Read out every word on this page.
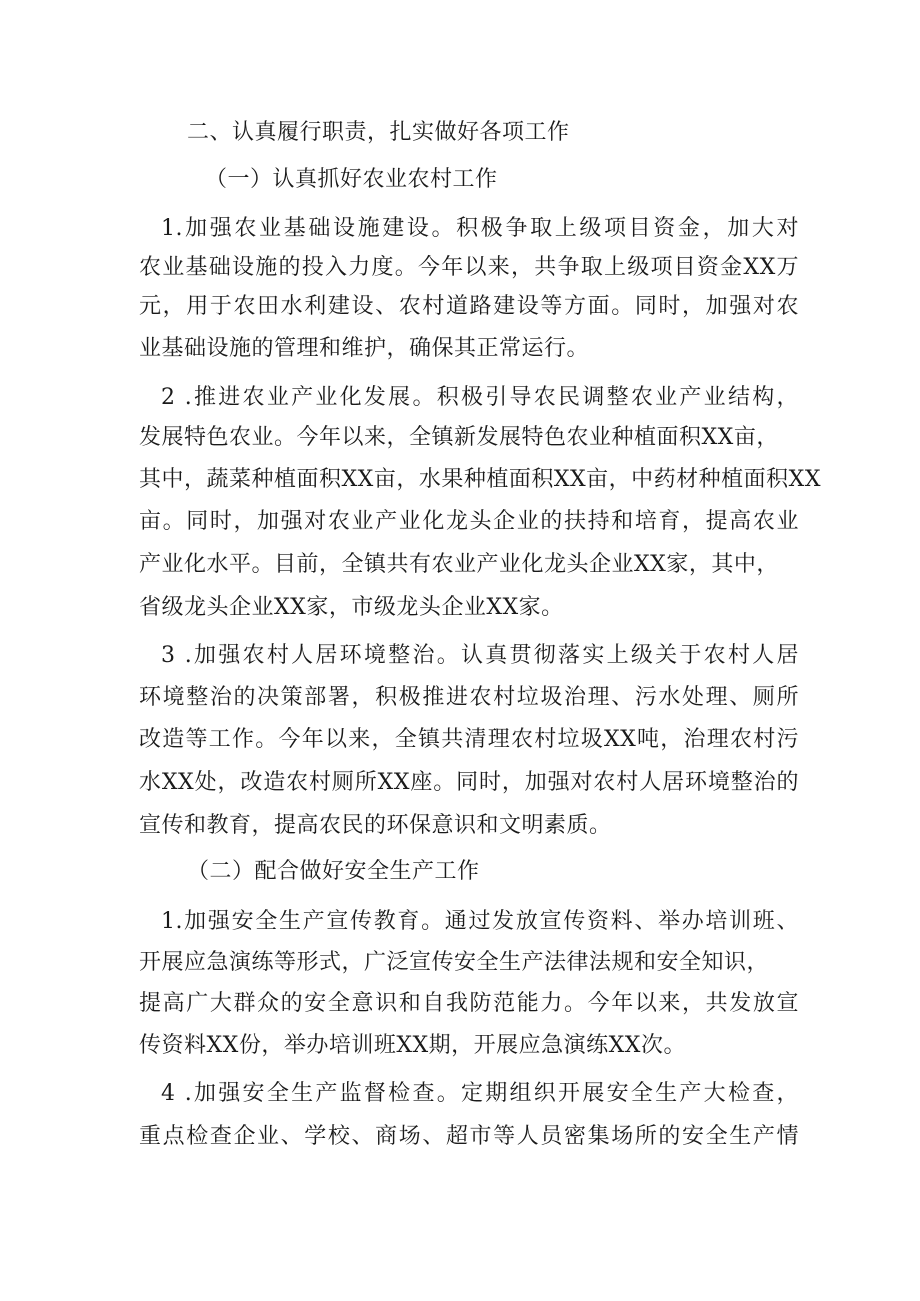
二、认真履行职责，扎实做好各项工作
（一）认真抓好农业农村工作
1.加强农业基础设施建设。积极争取上级项目资金，加大对
农业基础设施的投入力度。今年以来，共争取上级项目资金XX万
元，用于农田水利建设、农村道路建设等方面。同时，加强对农
业基础设施的管理和维护，确保其正常运行。
2 .推进农业产业化发展。积极引导农民调整农业产业结构，
发展特色农业。今年以来，全镇新发展特色农业种植面积XX亩，
其中，蔬菜种植面积XX亩，水果种植面积XX亩，中药材种植面积XX
亩。同时，加强对农业产业化龙头企业的扶持和培育，提高农业
产业化水平。目前，全镇共有农业产业化龙头企业XX家，其中，
省级龙头企业XX家，市级龙头企业XX家。
3 .加强农村人居环境整治。认真贯彻落实上级关于农村人居
环境整治的决策部署，积极推进农村垃圾治理、污水处理、厕所
改造等工作。今年以来，全镇共清理农村垃圾XX吨，治理农村污
水XX处，改造农村厕所XX座。同时，加强对农村人居环境整治的
宣传和教育，提高农民的环保意识和文明素质。
（二）配合做好安全生产工作
1.加强安全生产宣传教育。通过发放宣传资料、举办培训班、
开展应急演练等形式，广泛宣传安全生产法律法规和安全知识，
提高广大群众的安全意识和自我防范能力。今年以来，共发放宣
传资料XX份，举办培训班XX期，开展应急演练XX次。
4 .加强安全生产监督检查。定期组织开展安全生产大检查，
重点检查企业、学校、商场、超市等人员密集场所的安全生产情
